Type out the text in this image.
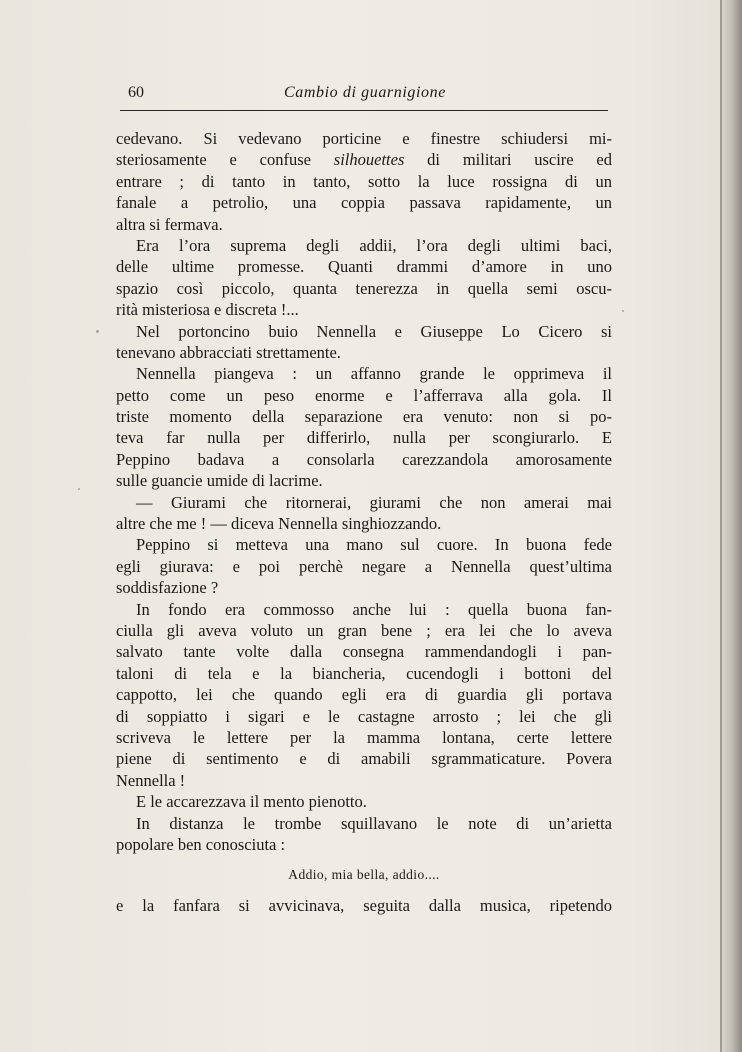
60	Cambio di guarnigione
cedevano. Si vedevano porticine e finestre schiudersi mi-
steriosamente e confuse silhouettes di militari uscire ed
entrare ; di tanto in tanto, sotto la luce rossigna di un
fanale a petrolio, una coppia passava rapidamente, un
altra si fermava.
Era l’ora suprema degli addii, l’ora degli ultimi baci,
delle ultime promesse. Quanti drammi d’amore in uno
spazio così piccolo, quanta tenerezza in quella semi oscu-
rità misteriosa e discreta !...
Nel portoncino buio Nennella e Giuseppe Lo Cicero si
tenevano abbracciati strettamente.
Nennella piangeva : un affanno grande le opprimeva il
petto come un peso enorme e l’afferrava alla gola. Il
triste momento della separazione era venuto: non si po-
teva far nulla per differirlo, nulla per scongiurarlo. E
Peppino badava a consolarla carezzandola amorosamente
sulle guancie umide di lacrime.
— Giurami che ritornerai, giurami che non amerai mai
altre che me ! — diceva Nennella singhiozzando.
Peppino si metteva una mano sul cuore. In buona fede
egli giurava: e poi perchè negare a Nennella quest’ultima
soddisfazione ?
In fondo era commosso anche lui : quella buona fan-
ciulla gli aveva voluto un gran bene ; era lei che lo aveva
salvato tante volte dalla consegna rammendandogli i pan-
taloni di tela e la biancheria, cucendogli i bottoni del
cappotto, lei che quando egli era di guardia gli portava
di soppiatto i sigari e le castagne arrosto ; lei che gli
scriveva le lettere per la mamma lontana, certe lettere
piene di sentimento e di amabili sgrammaticature. Povera
Nennella !
E le accarezzava il mento pienotto.
In distanza le trombe squillavano le note di un’arietta
popolare ben conosciuta :
Addio, mia bella, addio....
e la fanfara si avvicinava, seguita dalla musica, ripetendo
